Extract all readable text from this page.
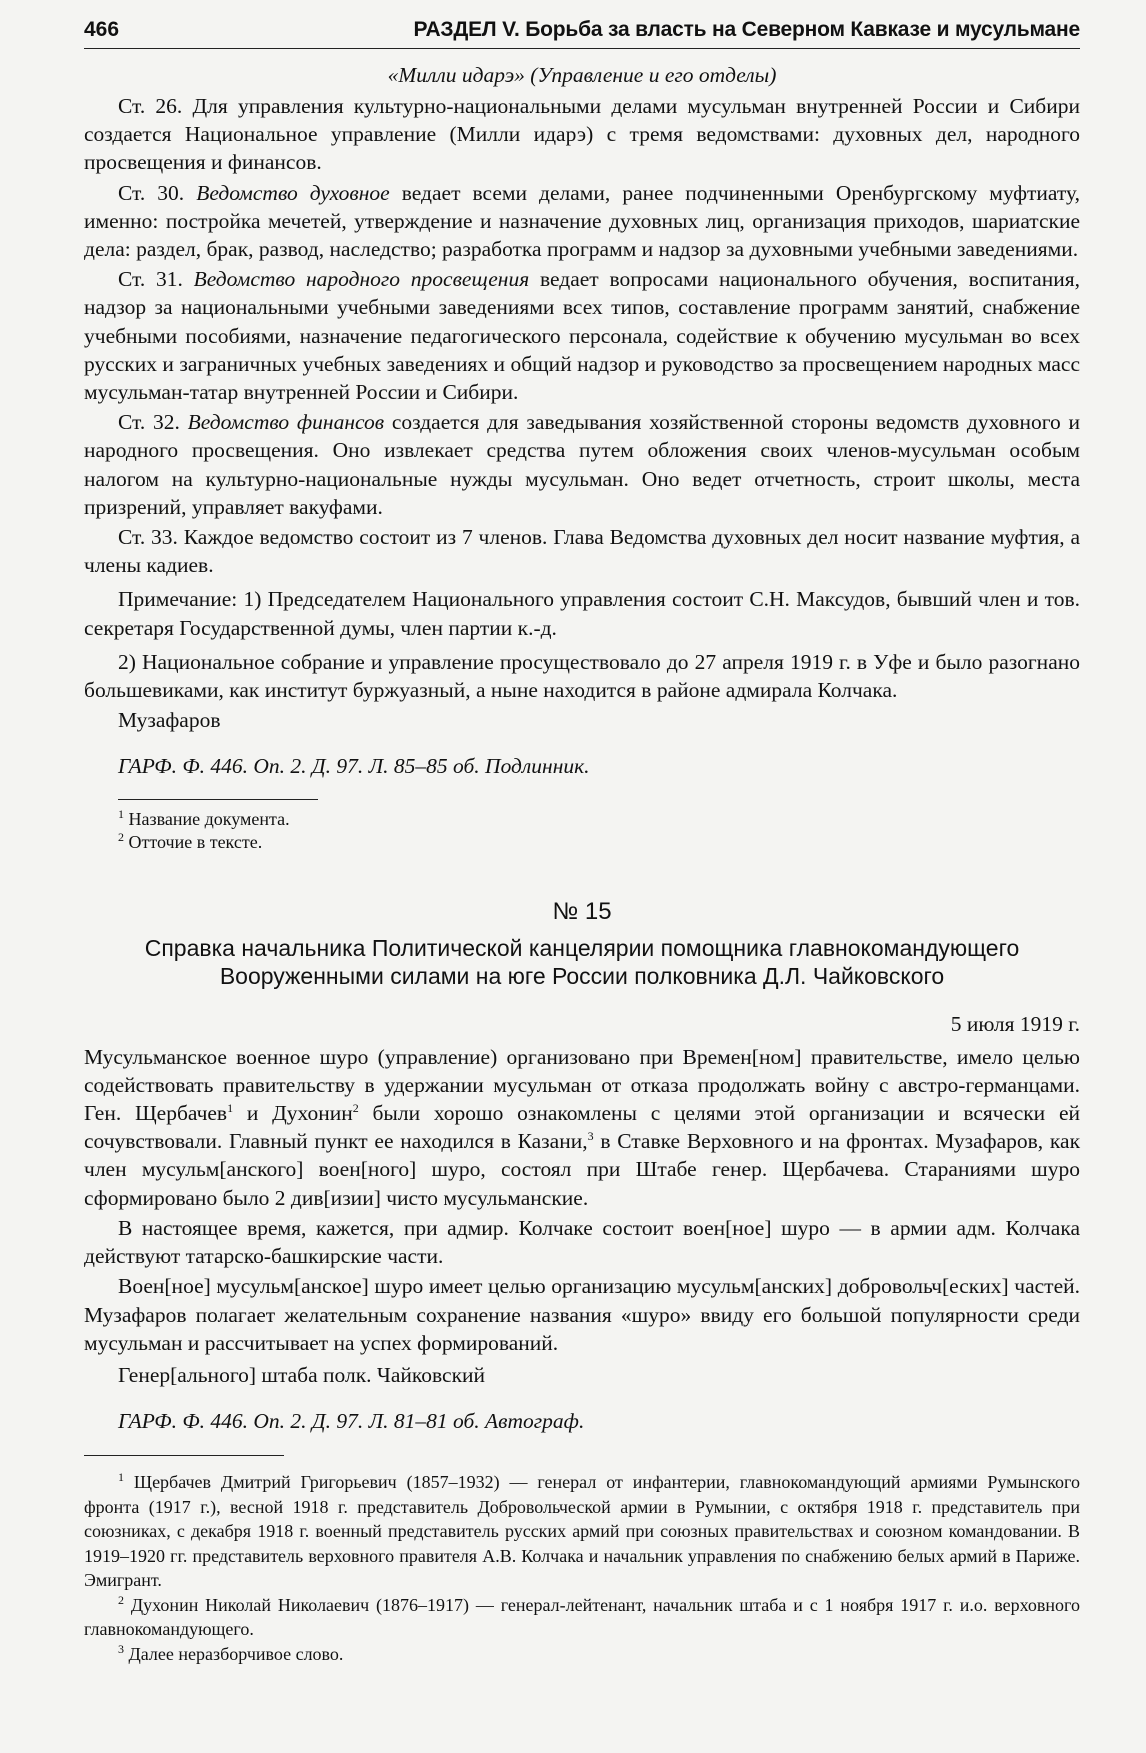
466	РАЗДЕЛ V. Борьба за власть на Северном Кавказе и мусульмане
«Милли идарэ» (Управление и его отделы)

Ст. 26. Для управления культурно-национальными делами мусульман внутренней России и Сибири создается Национальное управление (Милли идарэ) с тремя ведомствами: духовных дел, народного просвещения и финансов.

Ст. 30. Ведомство духовное ведает всеми делами, ранее подчиненными Оренбургскому муфтиату, именно: постройка мечетей, утверждение и назначение духовных лиц, организация приходов, шариатские дела: раздел, брак, развод, наследство; разработка программ и надзор за духовными учебными заведениями.

Ст. 31. Ведомство народного просвещения ведает вопросами национального обучения, воспитания, надзор за национальными учебными заведениями всех типов, составление программ занятий, снабжение учебными пособиями, назначение педагогического персонала, содействие к обучению мусульман во всех русских и заграничных учебных заведениях и общий надзор и руководство за просвещением народных масс мусульман-татар внутренней России и Сибири.

Ст. 32. Ведомство финансов создается для заведывания хозяйственной стороны ведомств духовного и народного просвещения. Оно извлекает средства путем обложения своих членов-мусульман особым налогом на культурно-национальные нужды мусульман. Оно ведет отчетность, строит школы, места призрений, управляет вакуфами.

Ст. 33. Каждое ведомство состоит из 7 членов. Глава Ведомства духовных дел носит название муфтия, а члены кадиев.

Примечание: 1) Председателем Национального управления состоит С.Н. Максудов, бывший член и тов. секретаря Государственной думы, член партии к.-д.

2) Национальное собрание и управление просуществовало до 27 апреля 1919 г. в Уфе и было разогнано большевиками, как институт буржуазный, а ныне находится в районе адмирала Колчака.

Музафаров

ГАРФ. Ф. 446. Оп. 2. Д. 97. Л. 85–85 об. Подлинник.

$^1$ Название документа.

$^2$ Отточие в тексте.

№ 15
Справка начальника Политической канцелярии помощника главнокомандующего
Вооруженными силами на юге России полковника Д.Л. Чайковского
5 июля 1919 г.

Мусульманское военное шуро (управление) организовано при Времен[ном] правительстве, имело целью содействовать правительству в удержании мусульман от отказа продолжать войну с австро-германцами. Ген. Щербачев$^1$ и Духонин$^2$ были хорошо ознакомлены с целями этой организации и всячески ей сочувствовали. Главный пункт ее находился в Казани,$^3$ в Ставке Верховного и на фронтах. Музафаров, как член мусульм[анского] воен[ного] шуро, состоял при Штабе генер. Щербачева. Стараниями шуро сформировано было 2 див[изии] чисто мусульманские.

В настоящее время, кажется, при адмир. Колчаке состоит воен[ное] шуро — в армии адм. Колчака действуют татарско-башкирские части.

Воен[ное] мусульм[анское] шуро имеет целью организацию мусульм[анских] добровольч[еских] частей. Музафаров полагает желательным сохранение названия «шуро» ввиду его большой популярности среди мусульман и рассчитывает на успех формирований.

Генер[ального] штаба полк. Чайковский

ГАРФ. Ф. 446. Оп. 2. Д. 97. Л. 81–81 об. Автограф.

$^1$ Щербачев Дмитрий Григорьевич (1857–1932) — генерал от инфантерии, главнокомандующий армиями Румынского фронта (1917 г.), весной 1918 г. представитель Добровольческой армии в Румынии, с октября 1918 г. представитель при союзниках, с декабря 1918 г. военный представитель русских армий при союзных правительствах и союзном командовании. В 1919–1920 гг. представитель верховного правителя А.В. Колчака и начальник управления по снабжению белых армий в Париже. Эмигрант.

$^2$ Духонин Николай Николаевич (1876–1917) — генерал-лейтенант, начальник штаба и с 1 ноября 1917 г. и.о. верховного главнокомандующего.

$^3$ Далее неразборчивое слово.
